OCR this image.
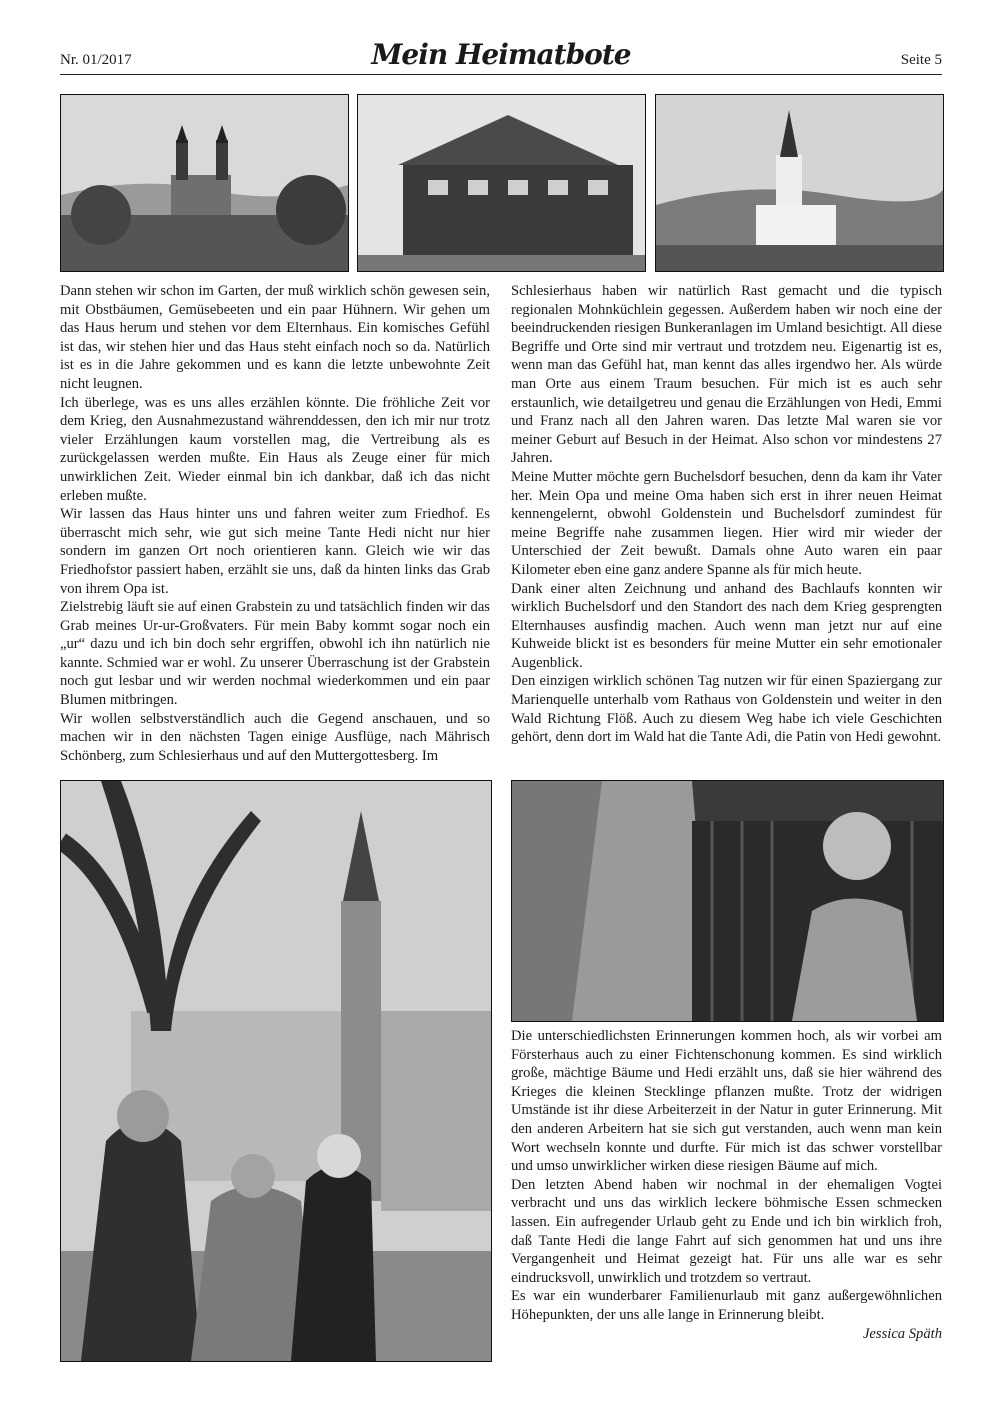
Nr. 01/2017	Mein Heimatbote	Seite 5

Dann stehen wir schon im Garten, der muß wirklich schön gewesen sein, mit Obstbäumen, Gemüsebeeten und ein paar Hühnern. Wir gehen um das Haus herum und stehen vor dem Elternhaus. Ein komisches Gefühl ist das, wir stehen hier und das Haus steht einfach noch so da. Natürlich ist es in die Jahre gekommen und es kann die letzte unbewohnte Zeit nicht leugnen.

Ich überlege, was es uns alles erzählen könnte. Die fröhliche Zeit vor dem Krieg, den Ausnahmezustand währenddessen, den ich mir nur trotz vieler Erzählungen kaum vorstellen mag, die Vertreibung als es zurückgelassen werden mußte. Ein Haus als Zeuge einer für mich unwirklichen Zeit. Wieder einmal bin ich dankbar, daß ich das nicht erleben mußte.

Wir lassen das Haus hinter uns und fahren weiter zum Friedhof. Es überrascht mich sehr, wie gut sich meine Tante Hedi nicht nur hier sondern im ganzen Ort noch orientieren kann. Gleich wie wir das Friedhofstor passiert haben, erzählt sie uns, daß da hinten links das Grab von ihrem Opa ist.

Zielstrebig läuft sie auf einen Grabstein zu und tatsächlich finden wir das Grab meines Ur-ur-Großvaters. Für mein Baby kommt sogar noch ein „ur“ dazu und ich bin doch sehr ergriffen, obwohl ich ihn natürlich nie kannte. Schmied war er wohl. Zu unserer Überraschung ist der Grabstein noch gut lesbar und wir werden nochmal wiederkommen und ein paar Blumen mitbringen.

Wir wollen selbstverständlich auch die Gegend anschauen, und so machen wir in den nächsten Tagen einige Ausflüge, nach Mährisch Schönberg, zum Schlesierhaus und auf den Muttergottesberg. Im

Schlesierhaus haben wir natürlich Rast gemacht und die typisch regionalen Mohnküchlein gegessen. Außerdem haben wir noch eine der beeindruckenden riesigen Bunkeranlagen im Umland besichtigt. All diese Begriffe und Orte sind mir vertraut und trotzdem neu. Eigenartig ist es, wenn man das Gefühl hat, man kennt das alles irgendwo her. Als würde man Orte aus einem Traum besuchen. Für mich ist es auch sehr erstaunlich, wie detailgetreu und genau die Erzählungen von Hedi, Emmi und Franz nach all den Jahren waren. Das letzte Mal waren sie vor meiner Geburt auf Besuch in der Heimat. Also schon vor mindestens 27 Jahren.

Meine Mutter möchte gern Buchelsdorf besuchen, denn da kam ihr Vater her. Mein Opa und meine Oma haben sich erst in ihrer neuen Heimat kennengelernt, obwohl Goldenstein und Buchelsdorf zumindest für meine Begriffe nahe zusammen liegen. Hier wird mir wieder der Unterschied der Zeit bewußt. Damals ohne Auto waren ein paar Kilometer eben eine ganz andere Spanne als für mich heute.

Dank einer alten Zeichnung und anhand des Bachlaufs konnten wir wirklich Buchelsdorf und den Standort des nach dem Krieg gesprengten Elternhauses ausfindig machen. Auch wenn man jetzt nur auf eine Kuhweide blickt ist es besonders für meine Mutter ein sehr emotionaler Augenblick.

Den einzigen wirklich schönen Tag nutzen wir für einen Spaziergang zur Marienquelle unterhalb vom Rathaus von Goldenstein und weiter in den Wald Richtung Flöß. Auch zu diesem Weg habe ich viele Geschichten gehört, denn dort im Wald hat die Tante Adi, die Patin von Hedi gewohnt.

Die unterschiedlichsten Erinnerungen kommen hoch, als wir vorbei am Försterhaus auch zu einer Fichtenschonung kommen. Es sind wirklich große, mächtige Bäume und Hedi erzählt uns, daß sie hier während des Krieges die kleinen Stecklinge pflanzen mußte. Trotz der widrigen Umstände ist ihr diese Arbeiterzeit in der Natur in guter Erinnerung. Mit den anderen Arbeitern hat sie sich gut verstanden, auch wenn man kein Wort wechseln konnte und durfte. Für mich ist das schwer vorstellbar und umso unwirklicher wirken diese riesigen Bäume auf mich.

Den letzten Abend haben wir nochmal in der ehemaligen Vogtei verbracht und uns das wirklich leckere böhmische Essen schmecken lassen. Ein aufregender Urlaub geht zu Ende und ich bin wirklich froh, daß Tante Hedi die lange Fahrt auf sich genommen hat und uns ihre Vergangenheit und Heimat gezeigt hat. Für uns alle war es sehr eindrucksvoll, unwirklich und trotzdem so vertraut.

Es war ein wunderbarer Familienurlaub mit ganz außergewöhnlichen Höhepunkten, der uns alle lange in Erinnerung bleibt.

Jessica Späth
